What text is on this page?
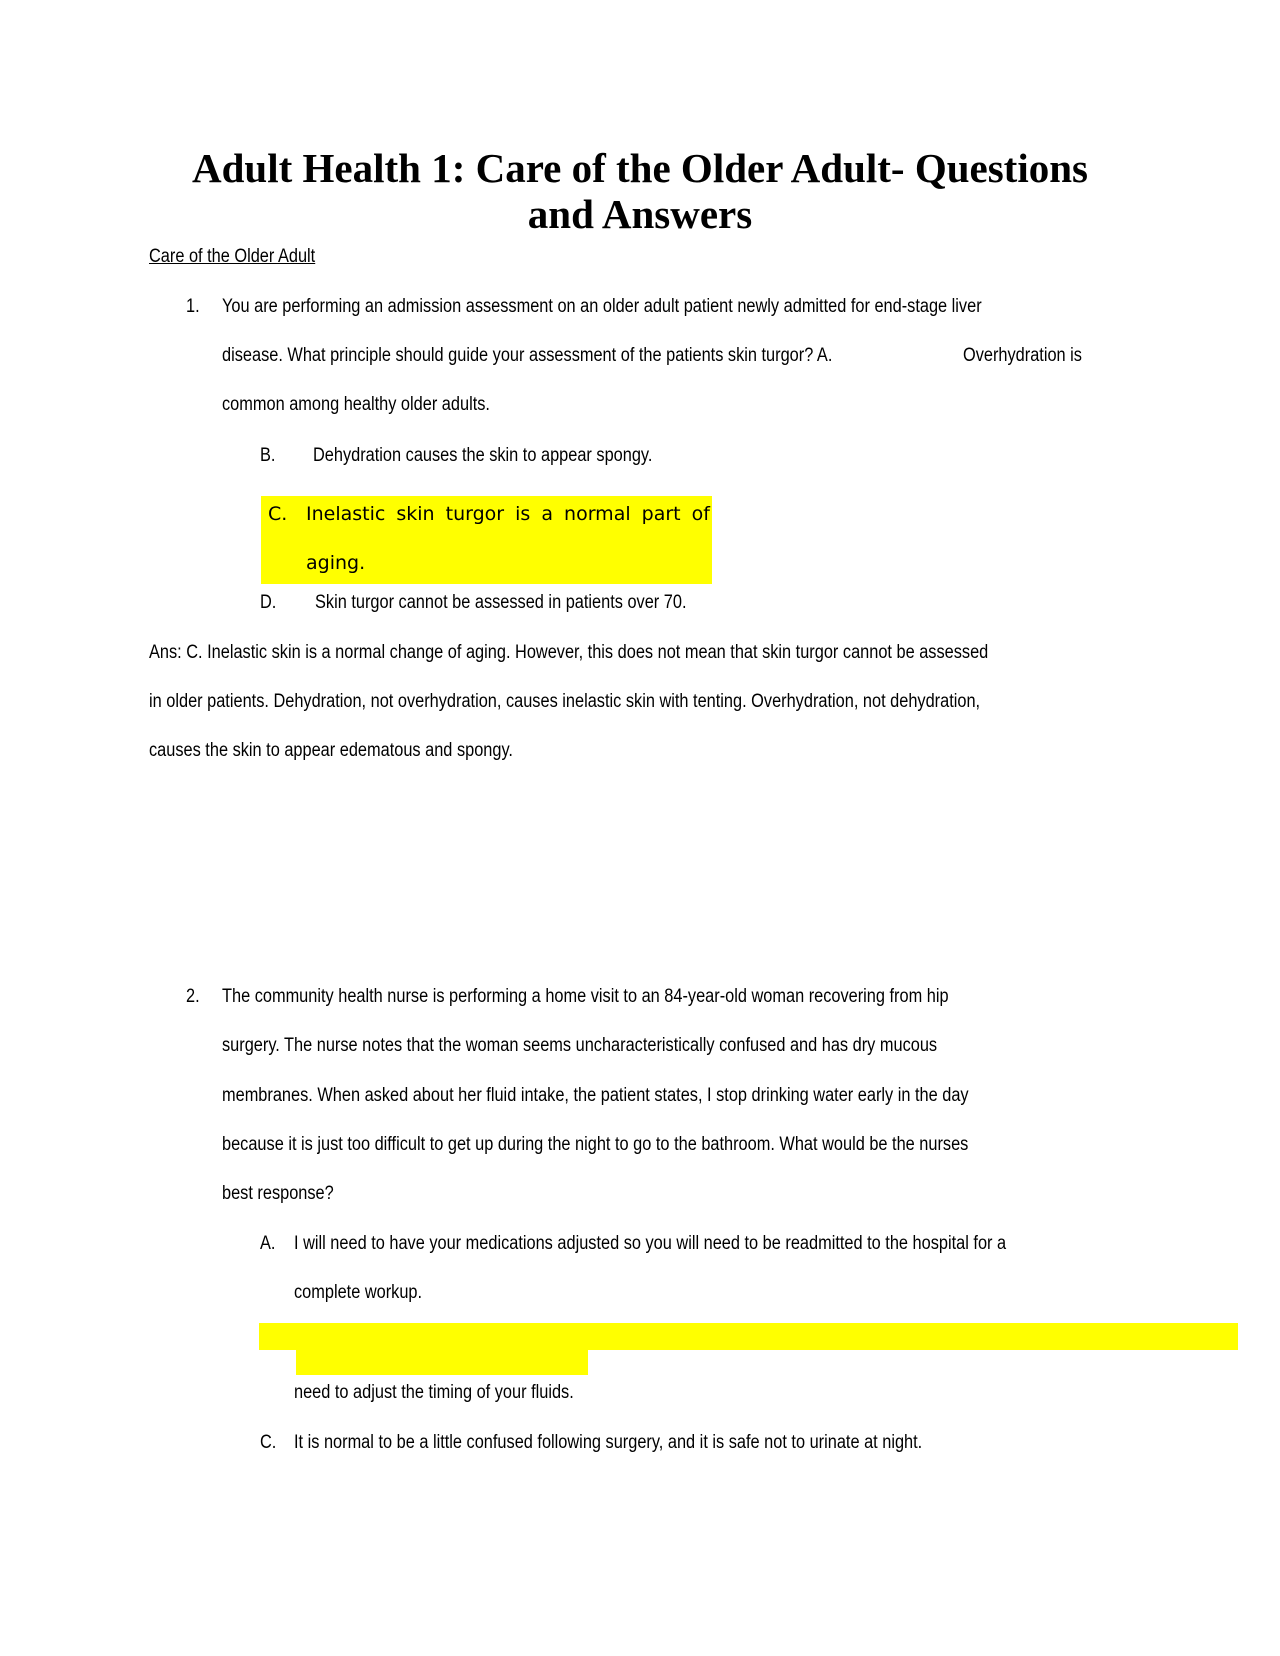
Adult Health 1: Care of the Older Adult- Questions
and Answers
Care of the Older Adult
1. You are performing an admission assessment on an older adult patient newly admitted for end-stage liver
disease. What principle should guide your assessment of the patients skin turgor? A.	Overhydration is
common among healthy older adults.
B. Dehydration causes the skin to appear spongy.
C. Inelastic skin turgor is a normal part of
aging.
D. Skin turgor cannot be assessed in patients over 70.
Ans: C. Inelastic skin is a normal change of aging. However, this does not mean that skin turgor cannot be assessed
in older patients. Dehydration, not overhydration, causes inelastic skin with tenting. Overhydration, not dehydration,
causes the skin to appear edematous and spongy.
2. The community health nurse is performing a home visit to an 84-year-old woman recovering from hip
surgery. The nurse notes that the woman seems uncharacteristically confused and has dry mucous
membranes. When asked about her fluid intake, the patient states, I stop drinking water early in the day
because it is just too difficult to get up during the night to go to the bathroom. What would be the nurses
best response?
A. I will need to have your medications adjusted so you will need to be readmitted to the hospital for a
complete workup.
need to adjust the timing of your fluids.
C. It is normal to be a little confused following surgery, and it is safe not to urinate at night.
